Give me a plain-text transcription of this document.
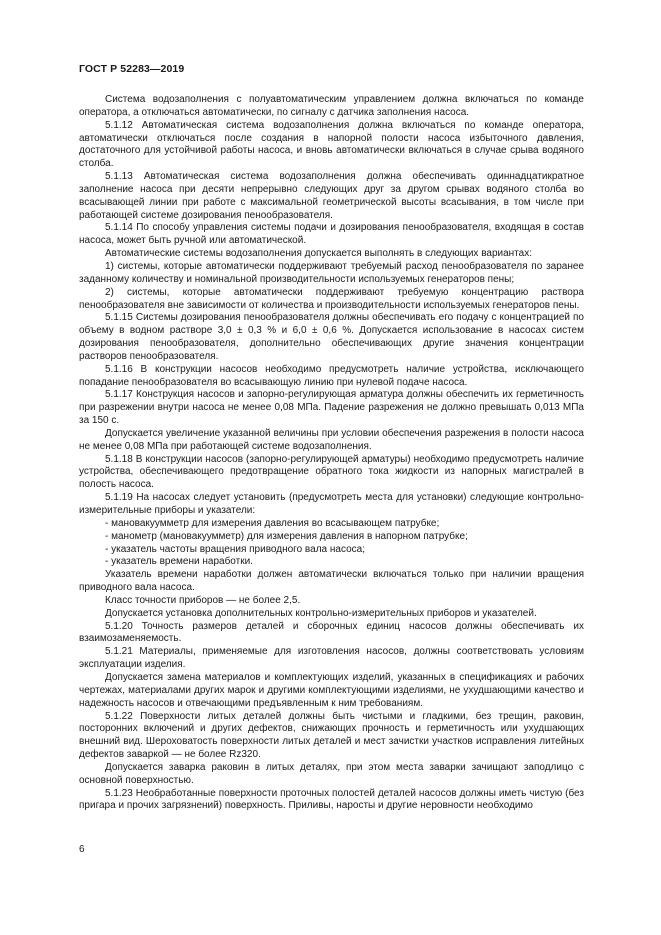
ГОСТ Р 52283—2019

Система водозаполнения с полуавтоматическим управлением должна включаться по команде оператора, а отключаться автоматически, по сигналу с датчика заполнения насоса.

5.1.12 Автоматическая система водозаполнения должна включаться по команде оператора, автоматически отключаться после создания в напорной полости насоса избыточного давления, достаточного для устойчивой работы насоса, и вновь автоматически включаться в случае срыва водяного столба.

5.1.13 Автоматическая система водозаполнения должна обеспечивать одиннадцатикратное заполнение насоса при десяти непрерывно следующих друг за другом срывах водяного столба во всасывающей линии при работе с максимальной геометрической высоты всасывания, в том числе при работающей системе дозирования пенообразователя.

5.1.14 По способу управления системы подачи и дозирования пенообразователя, входящая в состав насоса, может быть ручной или автоматической.

Автоматические системы водозаполнения допускается выполнять в следующих вариантах:

1) системы, которые автоматически поддерживают требуемый расход пенообразователя по заранее заданному количеству и номинальной производительности используемых генераторов пены;

2) системы, которые автоматически поддерживают требуемую концентрацию раствора пенообразователя вне зависимости от количества и производительности используемых генераторов пены.

5.1.15 Системы дозирования пенообразователя должны обеспечивать его подачу с концентрацией по объему в водном растворе 3,0 ± 0,3 % и 6,0 ± 0,6 %. Допускается использование в насосах систем дозирования пенообразователя, дополнительно обеспечивающих другие значения концентрации растворов пенообразователя.

5.1.16 В конструкции насосов необходимо предусмотреть наличие устройства, исключающего попадание пенообразователя во всасывающую линию при нулевой подаче насоса.

5.1.17 Конструкция насосов и запорно-регулирующая арматура должны обеспечить их герметичность при разрежении внутри насоса не менее 0,08 МПа. Падение разрежения не должно превышать 0,013 МПа за 150 с.

Допускается увеличение указанной величины при условии обеспечения разрежения в полости насоса не менее 0,08 МПа при работающей системе водозаполнения.

5.1.18 В конструкции насосов (запорно-регулирующей арматуры) необходимо предусмотреть наличие устройства, обеспечивающего предотвращение обратного тока жидкости из напорных магистралей в полость насоса.

5.1.19 На насосах следует установить (предусмотреть места для установки) следующие контрольно-измерительные приборы и указатели:

- мановакуумметр для измерения давления во всасывающем патрубке;

- манометр (мановакуумметр) для измерения давления в напорном патрубке;

- указатель частоты вращения приводного вала насоса;

- указатель времени наработки.

Указатель времени наработки должен автоматически включаться только при наличии вращения приводного вала насоса.

Класс точности приборов — не более 2,5.

Допускается установка дополнительных контрольно-измерительных приборов и указателей.

5.1.20 Точность размеров деталей и сборочных единиц насосов должны обеспечивать их взаимозаменяемость.

5.1.21 Материалы, применяемые для изготовления насосов, должны соответствовать условиям эксплуатации изделия.

Допускается замена материалов и комплектующих изделий, указанных в спецификациях и рабочих чертежах, материалами других марок и другими комплектующими изделиями, не ухудшающими качество и надежность насосов и отвечающими предъявленным к ним требованиям.

5.1.22 Поверхности литых деталей должны быть чистыми и гладкими, без трещин, раковин, посторонних включений и других дефектов, снижающих прочность и герметичность или ухудшающих внешний вид. Шероховатость поверхности литых деталей и мест зачистки участков исправления литейных дефектов заваркой — не более Rz320.

Допускается заварка раковин в литых деталях, при этом места заварки зачищают заподлицо с основной поверхностью.

5.1.23 Необработанные поверхности проточных полостей деталей насосов должны иметь чистую (без пригара и прочих загрязнений) поверхность. Приливы, наросты и другие неровности необходимо

6
